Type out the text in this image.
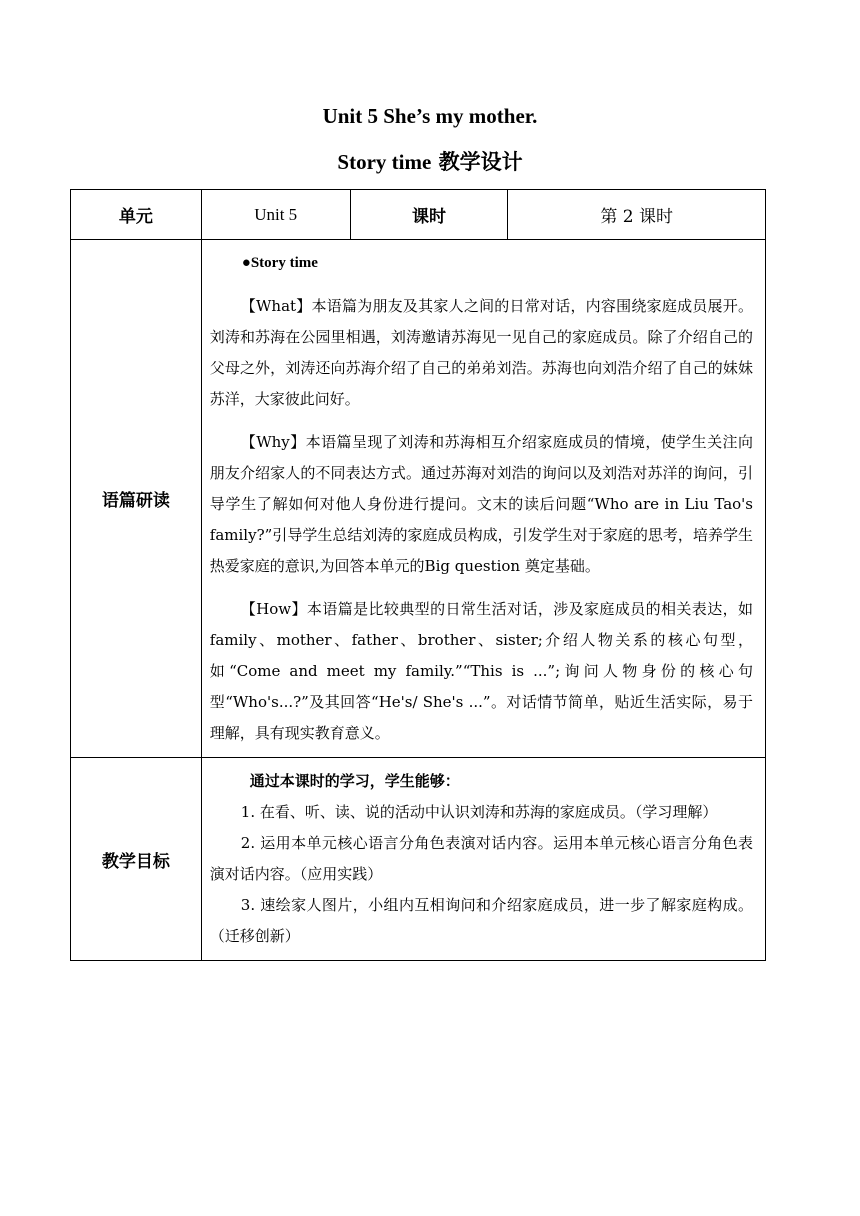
Unit 5 She’s my mother.
Story time 教学设计
单元	Unit 5	课时	第 2 课时
语篇研读	●Story time

【What】本语篇为朋友及其家人之间的日常对话，内容围绕家庭成员展开。刘涛和苏海在公园里相遇，刘涛邀请苏海见一见自己的家庭成员。除了介绍自己的父母之外，刘涛还向苏海介绍了自己的弟弟刘浩。苏海也向刘浩介绍了自己的妹妹苏洋，大家彼此问好。

【Why】本语篇呈现了刘涛和苏海相互介绍家庭成员的情境，使学生关注向朋友介绍家人的不同表达方式。通过苏海对刘浩的询问以及刘浩对苏洋的询问，引导学生了解如何对他人身份进行提问。文末的读后问题“Who are in Liu Tao's family?”引导学生总结刘涛的家庭成员构成，引发学生对于家庭的思考，培养学生热爱家庭的意识,为回答本单元的Big question 奠定基础。

【How】本语篇是比较典型的日常生活对话，涉及家庭成员的相关表达，如 family、mother、father、brother、sister;介绍人物关系的核心句型，如“Come and meet my family.”“This is ...”;询问人物身份的核心句型“Who's...?”及其回答“He's/ She's ...”。对话情节简单，贴近生活实际，易于理解，具有现实教育意义。		

教学目标	通过本课时的学习，学生能够：

1. 在看、听、读、说的活动中认识刘涛和苏海的家庭成员。（学习理解）

2. 运用本单元核心语言分角色表演对话内容。运用本单元核心语言分角色表演对话内容。（应用实践）

3. 速绘家人图片，小组内互相询问和介绍家庭成员，进一步了解家庭构成。（迁移创新）		
